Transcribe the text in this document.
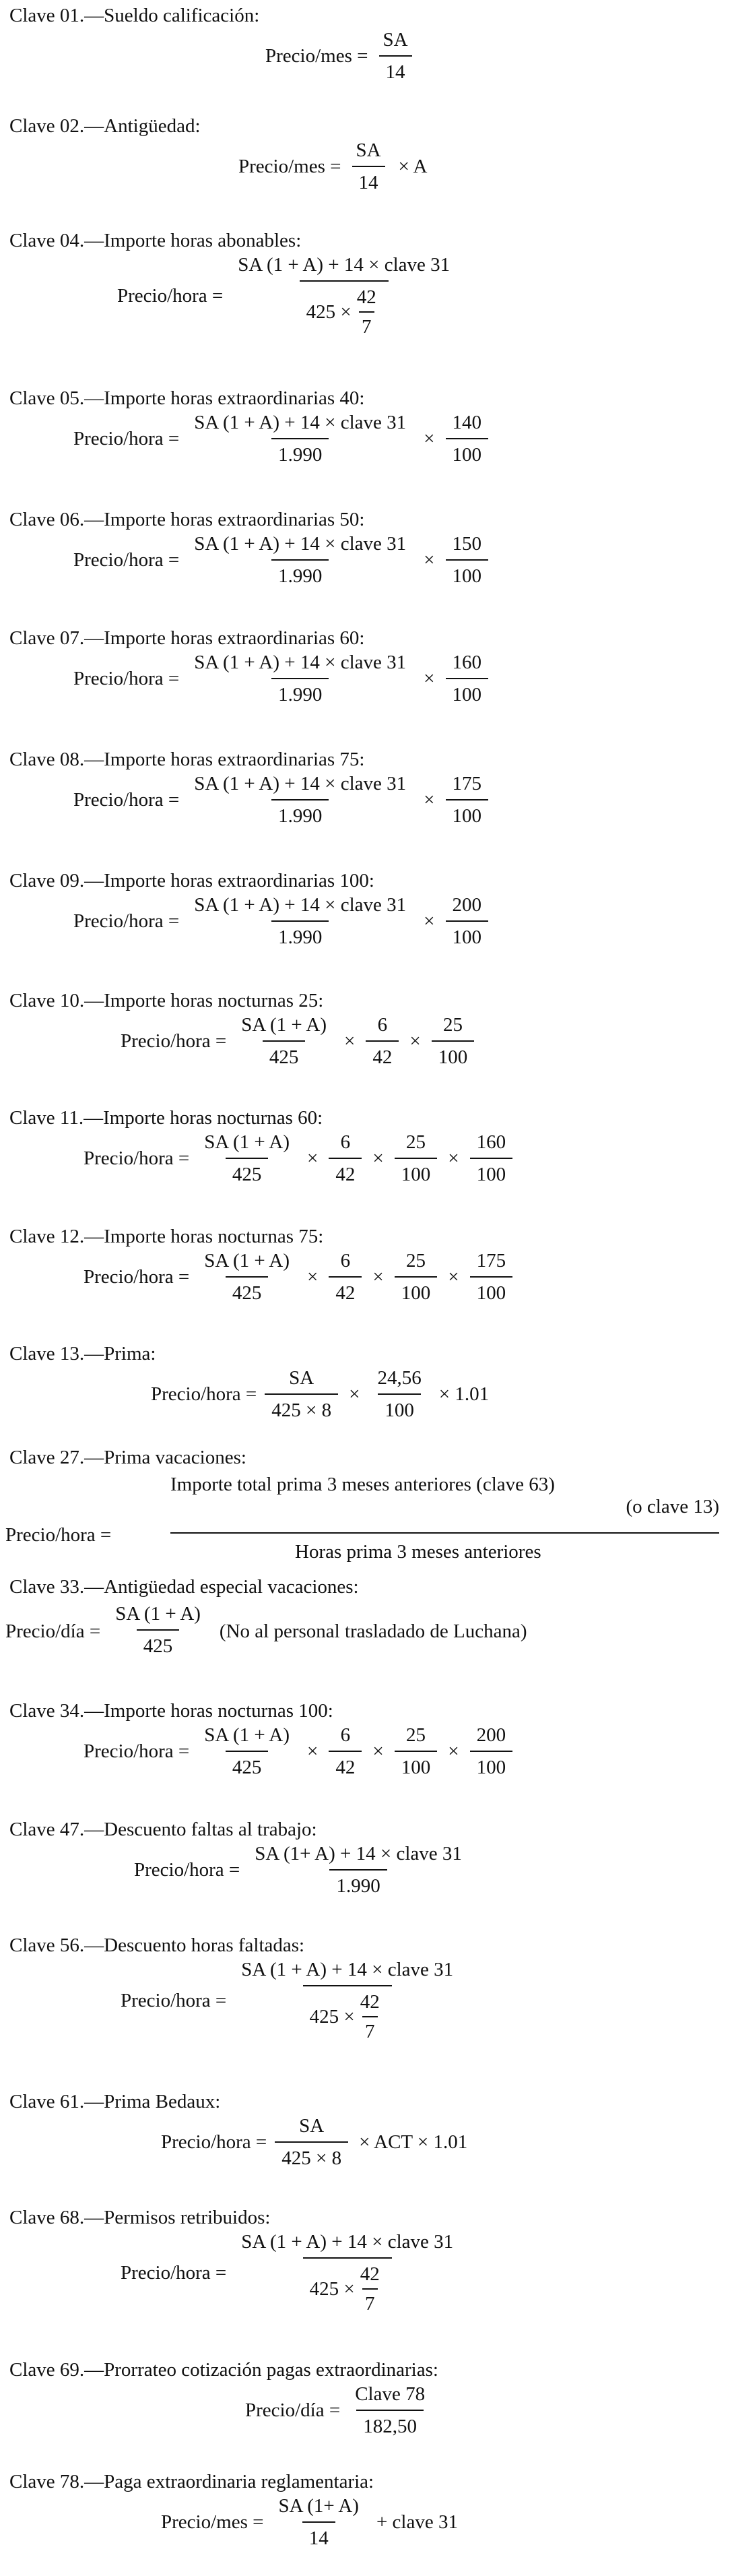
Clave 01.—Sueldo calificación:
Precio/mes = $\frac{SA}{14}$
Clave 02.—Antigüedad:
Precio/mes = $\frac{SA}{14} \times A$
Clave 04.—Importe horas abonables:
Precio/hora = $\frac{\text{SA (1 + A) + 14 × clave 31}}{425 \times \frac{42}{7}}$
Clave 05.—Importe horas extraordinarias 40:
Precio/hora = $\frac{\text{SA (1 + A) + 14 × clave 31}}{1.990} \times \frac{140}{100}$
Clave 06.—Importe horas extraordinarias 50:
Precio/hora = $\frac{\text{SA (1 + A) + 14 × clave 31}}{1.990} \times \frac{150}{100}$
Clave 07.—Importe horas extraordinarias 60:
Precio/hora = $\frac{\text{SA (1 + A) + 14 × clave 31}}{1.990} \times \frac{160}{100}$
Clave 08.—Importe horas extraordinarias 75:
Precio/hora = $\frac{\text{SA (1 + A) + 14 × clave 31}}{1.990} \times \frac{175}{100}$
Clave 09.—Importe horas extraordinarias 100:
Precio/hora = $\frac{\text{SA (1 + A) + 14 × clave 31}}{1.990} \times \frac{200}{100}$
Clave 10.—Importe horas nocturnas 25:
Precio/hora = $\frac{SA (1 + A)}{425} \times \frac{6}{42} \times \frac{25}{100}$
Clave 11.—Importe horas nocturnas 60:
Precio/hora = $\frac{SA (1 + A)}{425} \times \frac{6}{42} \times \frac{25}{100} \times \frac{160}{100}$
Clave 12.—Importe horas nocturnas 75:
Precio/hora = $\frac{SA (1 + A)}{425} \times \frac{6}{42} \times \frac{25}{100} \times \frac{175}{100}$
Clave 13.—Prima:
Precio/hora = $\frac{SA}{425 \times 8} \times \frac{24,56}{100} \times 1.01$
Clave 27.—Prima vacaciones:
Precio/hora =
Importe total prima 3 meses anteriores (clave 63)
(o clave 13)
Horas prima 3 meses anteriores
Clave 33.—Antigüedad especial vacaciones:
Precio/día = $\frac{SA (1 + A)}{425} (No$ al personal trasladado de Luchana)
Clave 34.—Importe horas nocturnas 100:
Precio/hora = $\frac{SA (1 + A)}{425} \times \frac{6}{42} \times \frac{25}{100} \times \frac{200}{100}$
Clave 47.—Descuento faltas al trabajo:
Precio/hora = $\frac{\text{SA (1+ A) + 14 × clave 31}}{1.990}$
Clave 56.—Descuento horas faltadas:
Precio/hora = $\frac{\text{SA (1 + A) + 14 × clave 31}}{425 \times \frac{42}{7}}$
Clave 61.—Prima Bedaux:
Precio/hora = $\frac{SA}{425 \times 8}$ × ACT × 1.01
Clave 68.—Permisos retribuidos:
Precio/hora = $\frac{\text{SA (1 + A) + 14 × clave 31}}{425 \times \frac{42}{7}}$
Clave 69.—Prorrateo cotización pagas extraordinarias:
Precio/día = $\frac{\text{Clave 78}}{182,50}$
Clave 78.—Paga extraordinaria reglamentaria:
Precio/mes = $\frac{SA (1+ A)}{14}$ + clave 31
